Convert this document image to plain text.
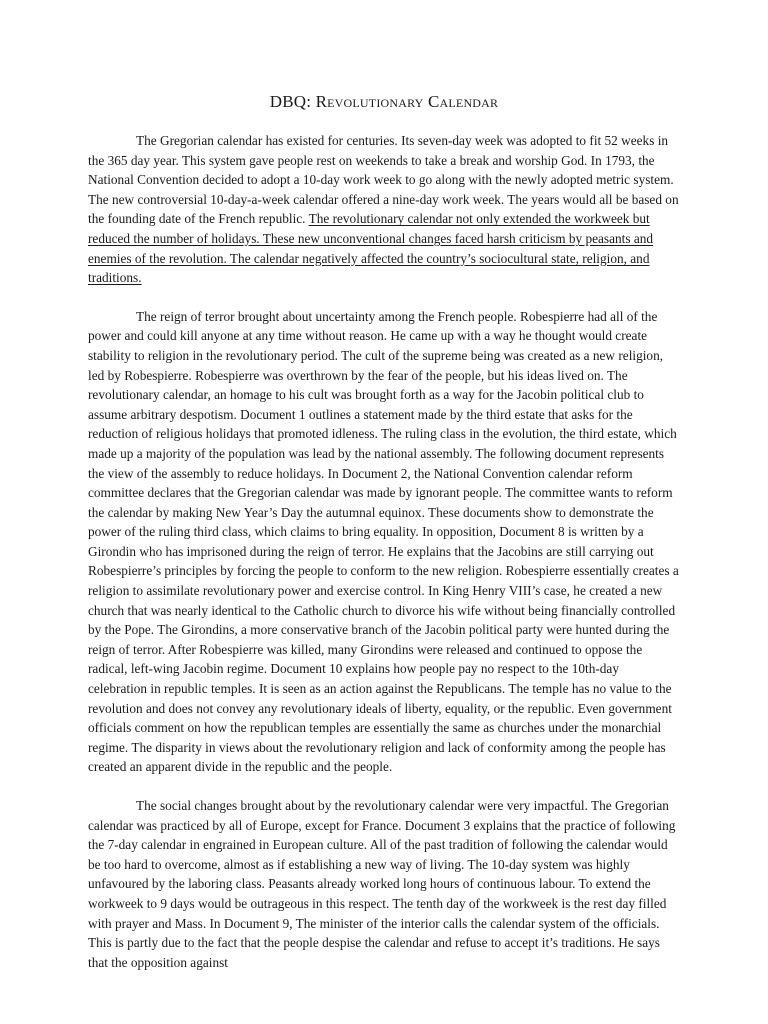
DBQ: Revolutionary Calendar

The Gregorian calendar has existed for centuries. Its seven-day week was adopted to fit 52 weeks in the 365 day year. This system gave people rest on weekends to take a break and worship God. In 1793, the National Convention decided to adopt a 10-day work week to go along with the newly adopted metric system. The new controversial 10-day-a-week calendar offered a nine-day work week. The years would all be based on the founding date of the French republic. The revolutionary calendar not only extended the workweek but reduced the number of holidays. These new unconventional changes faced harsh criticism by peasants and enemies of the revolution. The calendar negatively affected the country’s sociocultural state, religion, and traditions.

The reign of terror brought about uncertainty among the French people. Robespierre had all of the power and could kill anyone at any time without reason. He came up with a way he thought would create stability to religion in the revolutionary period. The cult of the supreme being was created as a new religion, led by Robespierre. Robespierre was overthrown by the fear of the people, but his ideas lived on. The revolutionary calendar, an homage to his cult was brought forth as a way for the Jacobin political club to assume arbitrary despotism. Document 1 outlines a statement made by the third estate that asks for the reduction of religious holidays that promoted idleness. The ruling class in the evolution, the third estate, which made up a majority of the population was lead by the national assembly. The following document represents the view of the assembly to reduce holidays. In Document 2, the National Convention calendar reform committee declares that the Gregorian calendar was made by ignorant people. The committee wants to reform the calendar by making New Year’s Day the autumnal equinox. These documents show to demonstrate the power of the ruling third class, which claims to bring equality. In opposition, Document 8 is written by a Girondin who has imprisoned during the reign of terror. He explains that the Jacobins are still carrying out Robespierre’s principles by forcing the people to conform to the new religion. Robespierre essentially creates a religion to assimilate revolutionary power and exercise control. In King Henry VIII’s case, he created a new church that was nearly identical to the Catholic church to divorce his wife without being financially controlled by the Pope. The Girondins, a more conservative branch of the Jacobin political party were hunted during the reign of terror. After Robespierre was killed, many Girondins were released and continued to oppose the radical, left-wing Jacobin regime. Document 10 explains how people pay no respect to the 10th-day celebration in republic temples. It is seen as an action against the Republicans. The temple has no value to the revolution and does not convey any revolutionary ideals of liberty, equality, or the republic. Even government officials comment on how the republican temples are essentially the same as churches under the monarchial regime. The disparity in views about the revolutionary religion and lack of conformity among the people has created an apparent divide in the republic and the people.

The social changes brought about by the revolutionary calendar were very impactful. The Gregorian calendar was practiced by all of Europe, except for France. Document 3 explains that the practice of following the 7-day calendar in engrained in European culture. All of the past tradition of following the calendar would be too hard to overcome, almost as if establishing a new way of living. The 10-day system was highly unfavoured by the laboring class. Peasants already worked long hours of continuous labour. To extend the workweek to 9 days would be outrageous in this respect. The tenth day of the workweek is the rest day filled with prayer and Mass. In Document 9, The minister of the interior calls the calendar system of the officials. This is partly due to the fact that the people despise the calendar and refuse to accept it’s traditions. He says that the opposition against
